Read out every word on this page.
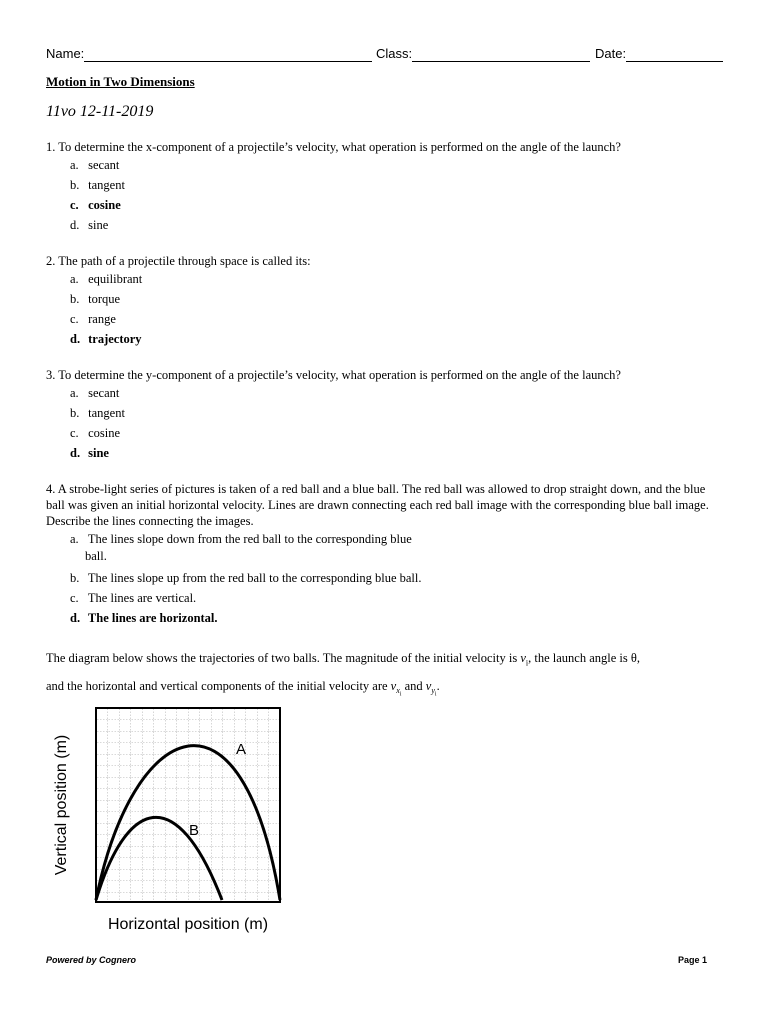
Name:	Class:	Date:
Motion in Two Dimensions
11vo 12-11-2019
1. To determine the x-component of a projectile’s velocity, what operation is performed on the angle of the launch?
a. secant
b. tangent
c. cosine
d. sine
2. The path of a projectile through space is called its:
a. equilibrant
b. torque
c. range
d. trajectory
3. To determine the y-component of a projectile’s velocity, what operation is performed on the angle of the launch?
a. secant
b. tangent
c. cosine
d. sine
4. A strobe-light series of pictures is taken of a red ball and a blue ball. The red ball was allowed to drop straight down, and the blue ball was given an initial horizontal velocity. Lines are drawn connecting each red ball image with the corresponding blue ball image. Describe the lines connecting the images.
a. The lines slope down from the red ball to the corresponding blue
ball.
b. The lines slope up from the red ball to the corresponding blue ball.
c. The lines are vertical.
d. The lines are horizontal.
The diagram below shows the trajectories of two balls. The magnitude of the initial velocity is $v_i$, the launch angle is θ,
and the horizontal and vertical components of the initial velocity are $v_{x_i}$ and $v_{y_i}$.
A
B
Vertical position (m)
Horizontal position (m)
Powered by Cognero	Page 1
